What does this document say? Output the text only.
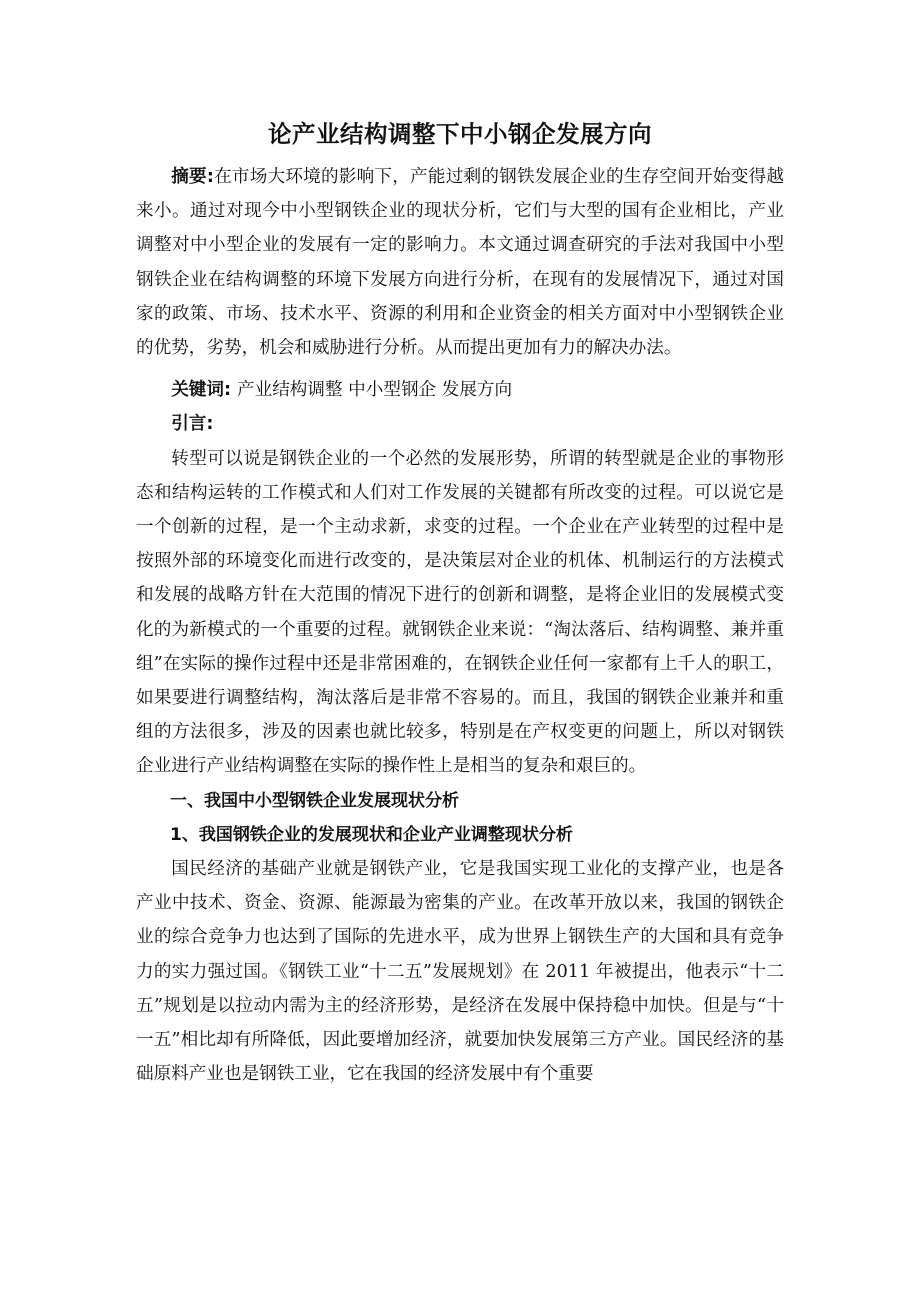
论产业结构调整下中小钢企发展方向

摘要:在市场大环境的影响下，产能过剩的钢铁发展企业的生存空间开始变得越来小。通过对现今中小型钢铁企业的现状分析，它们与大型的国有企业相比，产业调整对中小型企业的发展有一定的影响力。本文通过调查研究的手法对我国中小型钢铁企业在结构调整的环境下发展方向进行分析，在现有的发展情况下，通过对国家的政策、市场、技术水平、资源的利用和企业资金的相关方面对中小型钢铁企业的优势，劣势，机会和威胁进行分析。从而提出更加有力的解决办法。

关键词: 产业结构调整 中小型钢企 发展方向

引言:

转型可以说是钢铁企业的一个必然的发展形势，所谓的转型就是企业的事物形态和结构运转的工作模式和人们对工作发展的关键都有所改变的过程。可以说它是一个创新的过程，是一个主动求新，求变的过程。一个企业在产业转型的过程中是按照外部的环境变化而进行改变的，是决策层对企业的机体、机制运行的方法模式和发展的战略方针在大范围的情况下进行的创新和调整，是将企业旧的发展模式变化的为新模式的一个重要的过程。就钢铁企业来说：“淘汰落后、结构调整、兼并重组”在实际的操作过程中还是非常困难的，在钢铁企业任何一家都有上千人的职工，如果要进行调整结构，淘汰落后是非常不容易的。而且，我国的钢铁企业兼并和重组的方法很多，涉及的因素也就比较多，特别是在产权变更的问题上，所以对钢铁企业进行产业结构调整在实际的操作性上是相当的复杂和艰巨的。

一、我国中小型钢铁企业发展现状分析

1、我国钢铁企业的发展现状和企业产业调整现状分析

国民经济的基础产业就是钢铁产业，它是我国实现工业化的支撑产业，也是各产业中技术、资金、资源、能源最为密集的产业。在改革开放以来，我国的钢铁企业的综合竞争力也达到了国际的先进水平，成为世界上钢铁生产的大国和具有竞争力的实力强过国。《钢铁工业“十二五”发展规划》在 2011 年被提出，他表示“十二五”规划是以拉动内需为主的经济形势，是经济在发展中保持稳中加快。但是与“十一五”相比却有所降低，因此要增加经济，就要加快发展第三方产业。国民经济的基础原料产业也是钢铁工业，它在我国的经济发展中有个重要
